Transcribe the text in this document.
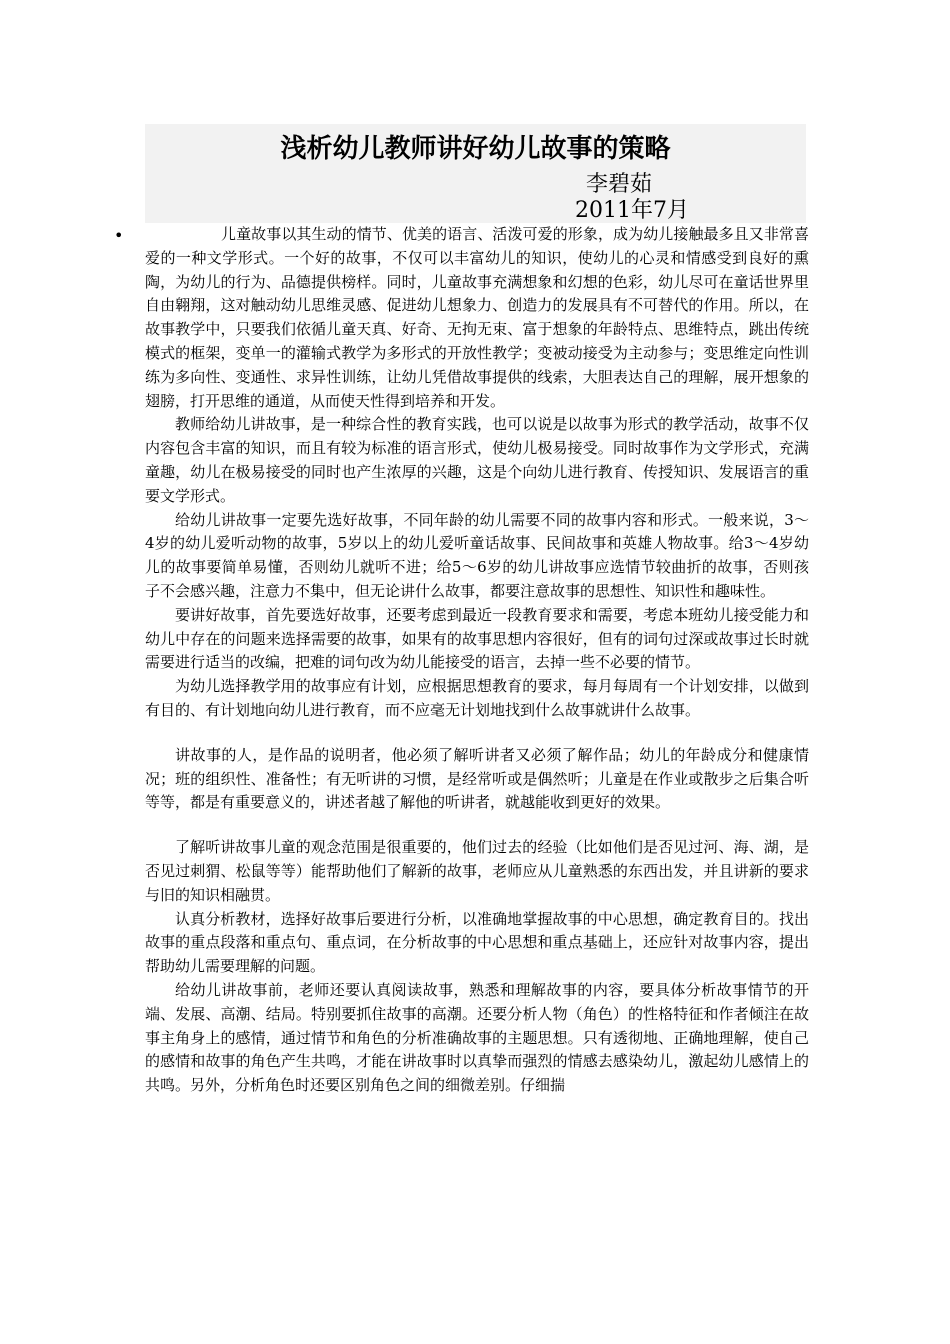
浅析幼儿教师讲好幼儿故事的策略
李碧茹
2011年7月
•	儿童故事以其生动的情节、优美的语言、活泼可爱的形象，成为幼儿接触最多且又非常喜爱的一种文学形式。一个好的故事，不仅可以丰富幼儿的知识，使幼儿的心灵和情感受到良好的熏陶，为幼儿的行为、品德提供榜样。同时，儿童故事充满想象和幻想的色彩，幼儿尽可在童话世界里自由翱翔，这对触动幼儿思维灵感、促进幼儿想象力、创造力的发展具有不可替代的作用。所以，在故事教学中，只要我们依循儿童天真、好奇、无拘无束、富于想象的年龄特点、思维特点，跳出传统模式的框架，变单一的灌输式教学为多形式的开放性教学；变被动接受为主动参与；变思维定向性训练为多向性、变通性、求异性训练，让幼儿凭借故事提供的线索，大胆表达自己的理解，展开想象的翅膀，打开思维的通道，从而使天性得到培养和开发。

教师给幼儿讲故事，是一种综合性的教育实践，也可以说是以故事为形式的教学活动，故事不仅内容包含丰富的知识，而且有较为标准的语言形式，使幼儿极易接受。同时故事作为文学形式，充满童趣，幼儿在极易接受的同时也产生浓厚的兴趣，这是个向幼儿进行教育、传授知识、发展语言的重要文学形式。

给幼儿讲故事一定要先选好故事，不同年龄的幼儿需要不同的故事内容和形式。一般来说，3～4岁的幼儿爱听动物的故事，5岁以上的幼儿爱听童话故事、民间故事和英雄人物故事。给3～4岁幼儿的故事要简单易懂，否则幼儿就听不进；给5～6岁的幼儿讲故事应选情节较曲折的故事，否则孩子不会感兴趣，注意力不集中，但无论讲什么故事，都要注意故事的思想性、知识性和趣味性。

要讲好故事，首先要选好故事，还要考虑到最近一段教育要求和需要，考虑本班幼儿接受能力和幼儿中存在的问题来选择需要的故事，如果有的故事思想内容很好，但有的词句过深或故事过长时就需要进行适当的改编，把难的词句改为幼儿能接受的语言，去掉一些不必要的情节。

为幼儿选择教学用的故事应有计划，应根据思想教育的要求，每月每周有一个计划安排，以做到有目的、有计划地向幼儿进行教育，而不应毫无计划地找到什么故事就讲什么故事。

讲故事的人，是作品的说明者，他必须了解听讲者又必须了解作品；幼儿的年龄成分和健康情况；班的组织性、准备性；有无听讲的习惯，是经常听或是偶然听；儿童是在作业或散步之后集合听等等，都是有重要意义的，讲述者越了解他的听讲者，就越能收到更好的效果。

了解听讲故事儿童的观念范围是很重要的，他们过去的经验（比如他们是否见过河、海、湖，是否见过刺猬、松鼠等等）能帮助他们了解新的故事，老师应从儿童熟悉的东西出发，并且讲新的要求与旧的知识相融贯。

认真分析教材，选择好故事后要进行分析，以准确地掌握故事的中心思想，确定教育目的。找出故事的重点段落和重点句、重点词，在分析故事的中心思想和重点基础上，还应针对故事内容，提出帮助幼儿需要理解的问题。

给幼儿讲故事前，老师还要认真阅读故事，熟悉和理解故事的内容，要具体分析故事情节的开端、发展、高潮、结局。特别要抓住故事的高潮。还要分析人物（角色）的性格特征和作者倾注在故事主角身上的感情，通过情节和角色的分析准确故事的主题思想。只有透彻地、正确地理解，使自己的感情和故事的角色产生共鸣，才能在讲故事时以真挚而强烈的情感去感染幼儿，激起幼儿感情上的共鸣。另外，分析角色时还要区别角色之间的细微差别。仔细揣
